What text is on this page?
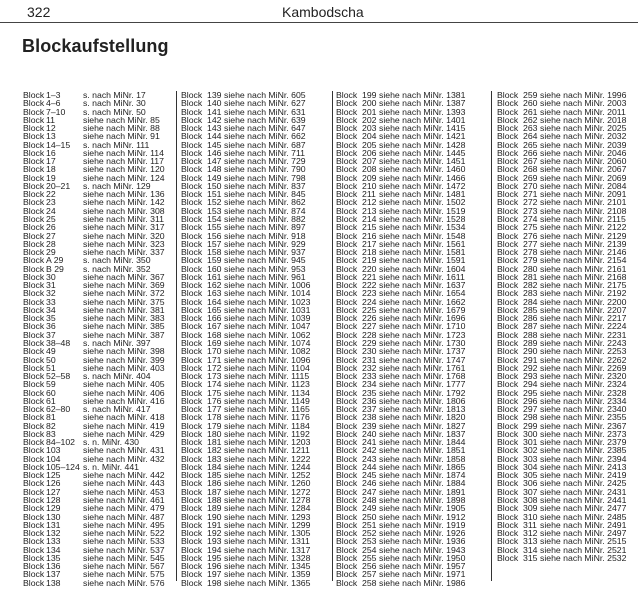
322	Kambodscha
Blockaufstellung
Block 1–3	s. nach MiNr. 17
Block 4–6	s. nach MiNr. 30
Block 7–10 s. nach MiNr. 50
Block 11	siehe nach MiNr. 85
Block 12	siehe nach MiNr. 88
Block 13	siehe nach MiNr. 91
Block 14–15 s. nach MiNr. 111
Block 16	siehe nach MiNr. 114
Block 17	siehe nach MiNr. 117
Block 18	siehe nach MiNr. 120
Block 19	siehe nach MiNr. 124
Block 20–21 s. nach MiNr. 129
Block 22	siehe nach MiNr. 136
Block 23	siehe nach MiNr. 142
Block 24	siehe nach MiNr. 308
Block 25	siehe nach MiNr. 311
Block 26	siehe nach MiNr. 317
Block 27	siehe nach MiNr. 320
Block 28	siehe nach MiNr. 323
Block 29	siehe nach MiNr. 337
Block A 29 s. nach MiNr. 350
Block B 29 s. nach MiNr. 352
Block 30	siehe nach MiNr. 367
Block 31	siehe nach MiNr. 369
Block 32	siehe nach MiNr. 372
Block 33	siehe nach MiNr. 375
Block 34	siehe nach MiNr. 381
Block 35	siehe nach MiNr. 383
Block 36	siehe nach MiNr. 385
Block 37	siehe nach MiNr. 387
Block 38–48 s. nach MiNr. 397
Block 49	siehe nach MiNr. 398
Block 50	siehe nach MiNr. 399
Block 51	siehe nach MiNr. 403
Block 52–58 s. nach MiNr. 404
Block 59	siehe nach MiNr. 405
Block 60	siehe nach MiNr. 406
Block 61	siehe nach MiNr. 416
Block 62–80 s. nach MiNr. 417
Block 81	siehe nach MiNr. 418
Block 82	siehe nach MiNr. 419
Block 83	siehe nach MiNr. 429
Block 84–102 s. n. MiNr. 430
Block 103	siehe nach MiNr. 431
Block 104	siehe nach MiNr. 432
Block 105–124 s. n. MiNr. 441
Block 125	siehe nach MiNr. 442
Block 126	siehe nach MiNr. 443
Block 127	siehe nach MiNr. 453
Block 128	siehe nach MiNr. 461
Block 129	siehe nach MiNr. 479
Block 130	siehe nach MiNr. 487
Block 131	siehe nach MiNr. 495
Block 132	siehe nach MiNr. 522
Block 133	siehe nach MiNr. 533
Block 134	siehe nach MiNr. 537
Block 135	siehe nach MiNr. 545
Block 136	siehe nach MiNr. 567
Block 137	siehe nach MiNr. 575
Block 138	siehe nach MiNr. 576
Block 139 siehe nach MiNr. 605
Block 140 siehe nach MiNr. 627
Block 141 siehe nach MiNr. 631
Block 142 siehe nach MiNr. 639
Block 143 siehe nach MiNr. 647
Block 144 siehe nach MiNr. 662
Block 145 siehe nach MiNr. 687
Block 146 siehe nach MiNr. 711
Block 147 siehe nach MiNr. 729
Block 148 siehe nach MiNr. 790
Block 149 siehe nach MiNr. 798
Block 150 siehe nach MiNr. 837
Block 151 siehe nach MiNr. 845
Block 152 siehe nach MiNr. 862
Block 153 siehe nach MiNr. 874
Block 154 siehe nach MiNr. 882
Block 155 siehe nach MiNr. 897
Block 156 siehe nach MiNr. 918
Block 157 siehe nach MiNr. 929
Block 158 siehe nach MiNr. 937
Block 159 siehe nach MiNr. 945
Block 160 siehe nach MiNr. 953
Block 161 siehe nach MiNr. 961
Block 162 siehe nach MiNr. 1006
Block 163 siehe nach MiNr. 1014
Block 164 siehe nach MiNr. 1023
Block 165 siehe nach MiNr. 1031
Block 166 siehe nach MiNr. 1039
Block 167 siehe nach MiNr. 1047
Block 168 siehe nach MiNr. 1062
Block 169 siehe nach MiNr. 1074
Block 170 siehe nach MiNr. 1082
Block 171 siehe nach MiNr. 1096
Block 172 siehe nach MiNr. 1104
Block 173 siehe nach MiNr. 1115
Block 174 siehe nach MiNr. 1123
Block 175 siehe nach MiNr. 1134
Block 176 siehe nach MiNr. 1149
Block 177 siehe nach MiNr. 1165
Block 178 siehe nach MiNr. 1176
Block 179 siehe nach MiNr. 1184
Block 180 siehe nach MiNr. 1192
Block 181 siehe nach MiNr. 1203
Block 182 siehe nach MiNr. 1211
Block 183 siehe nach MiNr. 1222
Block 184 siehe nach MiNr. 1244
Block 185 siehe nach MiNr. 1252
Block 186 siehe nach MiNr. 1260
Block 187 siehe nach MiNr. 1272
Block 188 siehe nach MiNr. 1278
Block 189 siehe nach MiNr. 1284
Block 190 siehe nach MiNr. 1293
Block 191 siehe nach MiNr. 1299
Block 192 siehe nach MiNr. 1305
Block 193 siehe nach MiNr. 1311
Block 194 siehe nach MiNr. 1317
Block 195 siehe nach MiNr. 1328
Block 196 siehe nach MiNr. 1345
Block 197 siehe nach MiNr. 1359
Block 198 siehe nach MiNr. 1365
Block 199 siehe nach MiNr. 1381
Block 200 siehe nach MiNr. 1387
Block 201 siehe nach MiNr. 1393
Block 202 siehe nach MiNr. 1401
Block 203 siehe nach MiNr. 1415
Block 204 siehe nach MiNr. 1421
Block 205 siehe nach MiNr. 1428
Block 206 siehe nach MiNr. 1445
Block 207 siehe nach MiNr. 1451
Block 208 siehe nach MiNr. 1460
Block 209 siehe nach MiNr. 1466
Block 210 siehe nach MiNr. 1472
Block 211 siehe nach MiNr. 1481
Block 212 siehe nach MiNr. 1502
Block 213 siehe nach MiNr. 1519
Block 214 siehe nach MiNr. 1528
Block 215 siehe nach MiNr. 1534
Block 216 siehe nach MiNr. 1548
Block 217 siehe nach MiNr. 1561
Block 218 siehe nach MiNr. 1581
Block 219 siehe nach MiNr. 1591
Block 220 siehe nach MiNr. 1604
Block 221 siehe nach MiNr. 1611
Block 222 siehe nach MiNr. 1637
Block 223 siehe nach MiNr. 1654
Block 224 siehe nach MiNr. 1662
Block 225 siehe nach MiNr. 1679
Block 226 siehe nach MiNr. 1696
Block 227 siehe nach MiNr. 1710
Block 228 siehe nach MiNr. 1723
Block 229 siehe nach MiNr. 1730
Block 230 siehe nach MiNr. 1737
Block 231 siehe nach MiNr. 1747
Block 232 siehe nach MiNr. 1761
Block 233 siehe nach MiNr. 1768
Block 234 siehe nach MiNr. 1777
Block 235 siehe nach MiNr. 1792
Block 236 siehe nach MiNr. 1806
Block 237 siehe nach MiNr. 1813
Block 238 siehe nach MiNr. 1820
Block 239 siehe nach MiNr. 1827
Block 240 siehe nach MiNr. 1837
Block 241 siehe nach MiNr. 1844
Block 242 siehe nach MiNr. 1851
Block 243 siehe nach MiNr. 1858
Block 244 siehe nach MiNr. 1865
Block 245 siehe nach MiNr. 1874
Block 246 siehe nach MiNr. 1884
Block 247 siehe nach MiNr. 1891
Block 248 siehe nach MiNr. 1898
Block 249 siehe nach MiNr. 1905
Block 250 siehe nach MiNr. 1912
Block 251 siehe nach MiNr. 1919
Block 252 siehe nach MiNr. 1926
Block 253 siehe nach MiNr. 1936
Block 254 siehe nach MiNr. 1943
Block 255 siehe nach MiNr. 1950
Block 256 siehe nach MiNr. 1957
Block 257 siehe nach MiNr. 1971
Block 258 siehe nach MiNr. 1986
Block 259 siehe nach MiNr. 1996
Block 260 siehe nach MiNr. 2003
Block 261 siehe nach MiNr. 2011
Block 262 siehe nach MiNr. 2018
Block 263 siehe nach MiNr. 2025
Block 264 siehe nach MiNr. 2032
Block 265 siehe nach MiNr. 2039
Block 266 siehe nach MiNr. 2046
Block 267 siehe nach MiNr. 2060
Block 268 siehe nach MiNr. 2067
Block 269 siehe nach MiNr. 2069
Block 270 siehe nach MiNr. 2084
Block 271 siehe nach MiNr. 2091
Block 272 siehe nach MiNr. 2101
Block 273 siehe nach MiNr. 2108
Block 274 siehe nach MiNr. 2115
Block 275 siehe nach MiNr. 2122
Block 276 siehe nach MiNr. 2129
Block 277 siehe nach MiNr. 2139
Block 278 siehe nach MiNr. 2146
Block 279 siehe nach MiNr. 2154
Block 280 siehe nach MiNr. 2161
Block 281 siehe nach MiNr. 2168
Block 282 siehe nach MiNr. 2175
Block 283 siehe nach MiNr. 2192
Block 284 siehe nach MiNr. 2200
Block 285 siehe nach MiNr. 2207
Block 286 siehe nach MiNr. 2217
Block 287 siehe nach MiNr. 2224
Block 288 siehe nach MiNr. 2231
Block 289 siehe nach MiNr. 2243
Block 290 siehe nach MiNr. 2253
Block 291 siehe nach MiNr. 2262
Block 292 siehe nach MiNr. 2269
Block 293 siehe nach MiNr. 2320
Block 294 siehe nach MiNr. 2324
Block 295 siehe nach MiNr. 2328
Block 296 siehe nach MiNr. 2334
Block 297 siehe nach MiNr. 2340
Block 298 siehe nach MiNr. 2355
Block 299 siehe nach MiNr. 2367
Block 300 siehe nach MiNr. 2373
Block 301 siehe nach MiNr. 2379
Block 302 siehe nach MiNr. 2385
Block 303 siehe nach MiNr. 2394
Block 304 siehe nach MiNr. 2413
Block 305 siehe nach MiNr. 2419
Block 306 siehe nach MiNr. 2425
Block 307 siehe nach MiNr. 2431
Block 308 siehe nach MiNr. 2441
Block 309 siehe nach MiNr. 2477
Block 310 siehe nach MiNr. 2485
Block 311 siehe nach MiNr. 2491
Block 312 siehe nach MiNr. 2497
Block 313 siehe nach MiNr. 2515
Block 314 siehe nach MiNr. 2521
Block 315 siehe nach MiNr. 2532
